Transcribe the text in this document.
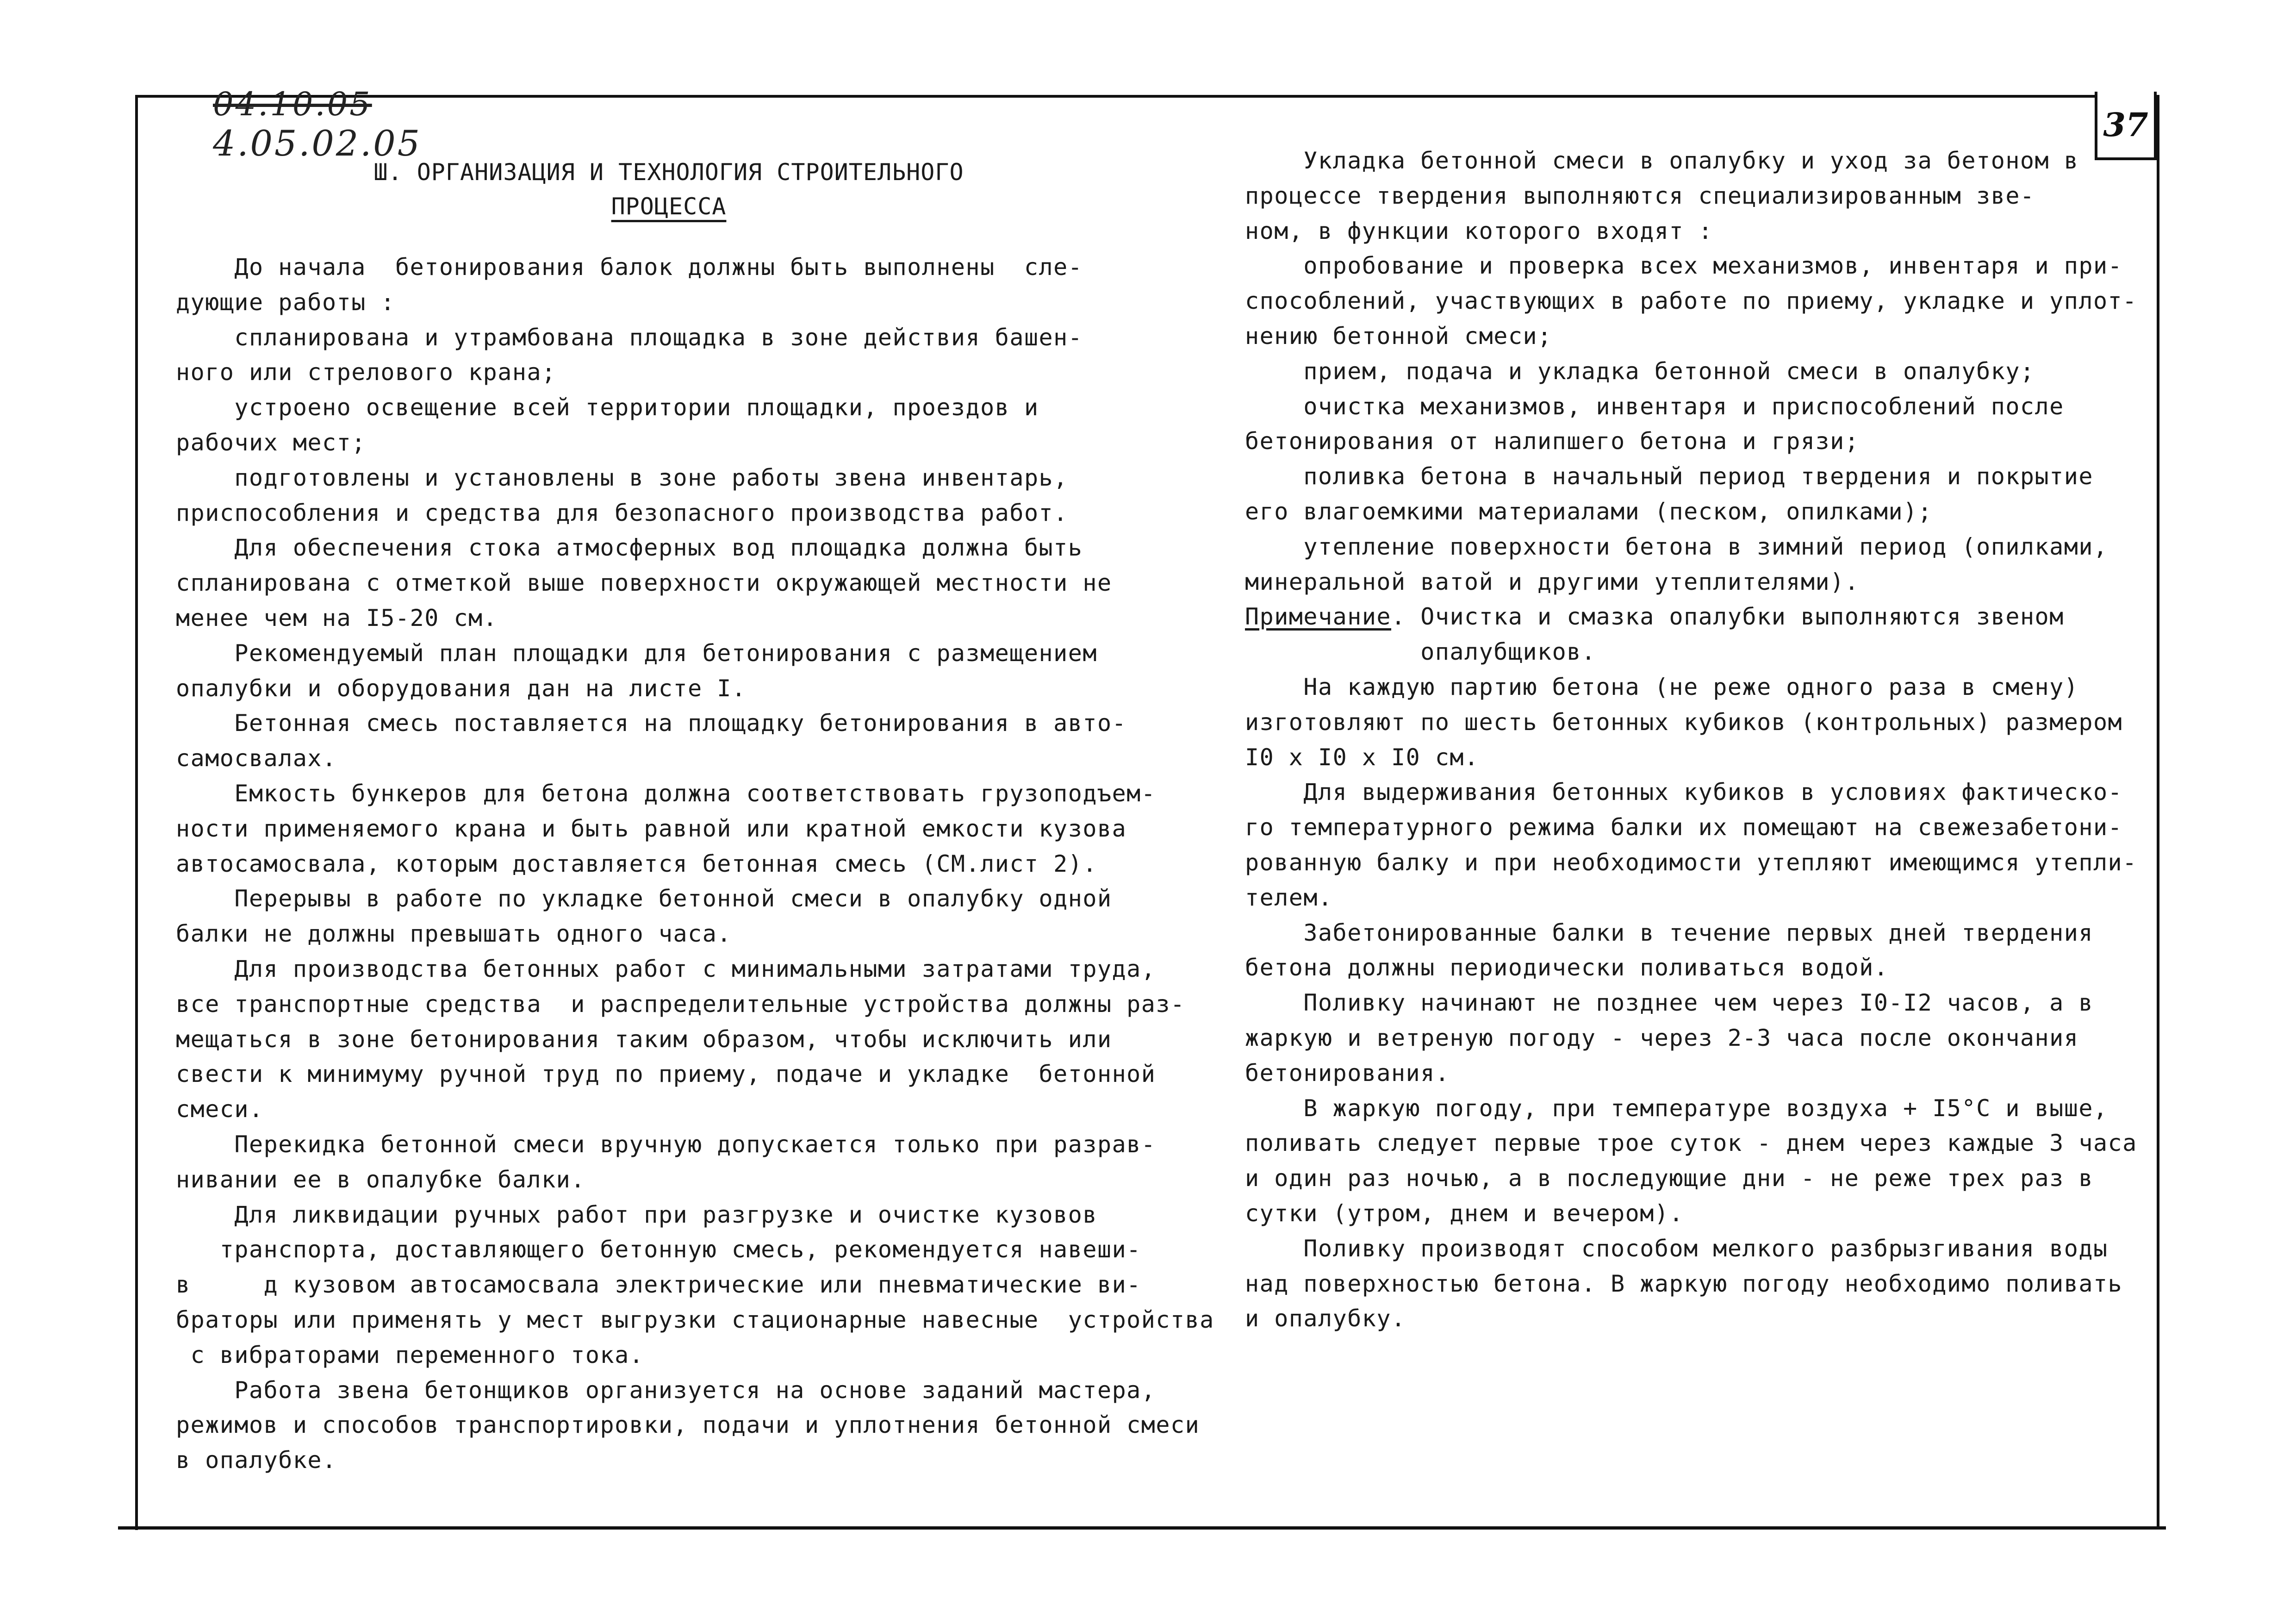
37
04.10.05
4.05.02.05
Ш. ОРГАНИЗАЦИЯ И ТЕХНОЛОГИЯ СТРОИТЕЛЬНОГО
ПРОЦЕССА
До начала  бетонирования балок должны быть выполнены  сле-
дующие работы :
спланирована и утрамбована площадка в зоне действия башен-
ного или стрелового крана;
устроено освещение всей территории площадки, проездов и
рабочих мест;
подготовлены и установлены в зоне работы звена инвентарь,
приспособления и средства для безопасного производства работ.
Для обеспечения стока атмосферных вод площадка должна быть
спланирована с отметкой выше поверхности окружающей местности не
менее чем на I5-20 см.
Рекомендуемый план площадки для бетонирования с размещением
опалубки и оборудования дан на листе I.
Бетонная смесь поставляется на площадку бетонирования в авто-
самосвалах.
Емкость бункеров для бетона должна соответствовать грузоподъем-
ности применяемого крана и быть равной или кратной емкости кузова
автосамосвала, которым доставляется бетонная смесь (СМ.лист 2).
Перерывы в работе по укладке бетонной смеси в опалубку одной
балки не должны превышать одного часа.
Для производства бетонных работ с минимальными затратами труда,
все транспортные средства  и распределительные устройства должны раз-
мещаться в зоне бетонирования таким образом, чтобы исключить или
свести к минимуму ручной труд по приему, подаче и укладке  бетонной
смеси.
Перекидка бетонной смеси вручную допускается только при разрав-
нивании ее в опалубке балки.
Для ликвидации ручных работ при разгрузке и очистке кузовов
транспорта, доставляющего бетонную смесь, рекомендуется навеши-
в     д кузовом автосамосвала электрические или пневматические ви-
браторы или применять у мест выгрузки стационарные навесные  устройства
с вибраторами переменного тока.
Работа звена бетонщиков организуется на основе заданий мастера,
режимов и способов транспортировки, подачи и уплотнения бетонной смеси
в опалубке.
Укладка бетонной смеси в опалубку и уход за бетоном в
процессе твердения выполняются специализированным зве-
ном, в функции которого входят :
опробование и проверка всех механизмов, инвентаря и при-
способлений, участвующих в работе по приему, укладке и уплот-
нению бетонной смеси;
прием, подача и укладка бетонной смеси в опалубку;
очистка механизмов, инвентаря и приспособлений после
бетонирования от налипшего бетона и грязи;
поливка бетона в начальный период твердения и покрытие
его влагоемкими материалами (песком, опилками);
утепление поверхности бетона в зимний период (опилками,
минеральной ватой и другими утеплителями).
Примечание. Очистка и смазка опалубки выполняются звеном
опалубщиков.
На каждую партию бетона (не реже одного раза в смену)
изготовляют по шесть бетонных кубиков (контрольных) размером
I0 x I0 x I0 см.
Для выдерживания бетонных кубиков в условиях фактическо-
го температурного режима балки их помещают на свежезабетони-
рованную балку и при необходимости утепляют имеющимся утепли-
телем.
Забетонированные балки в течение первых дней твердения
бетона должны периодически поливаться водой.
Поливку начинают не позднее чем через I0-I2 часов, а в
жаркую и ветреную погоду - через 2-3 часа после окончания
бетонирования.
В жаркую погоду, при температуре воздуха + I5°С и выше,
поливать следует первые трое суток - днем через каждые 3 часа
и один раз ночью, а в последующие дни - не реже трех раз в
сутки (утром, днем и вечером).
Поливку производят способом мелкого разбрызгивания воды
над поверхностью бетона. В жаркую погоду необходимо поливать
и опалубку.
